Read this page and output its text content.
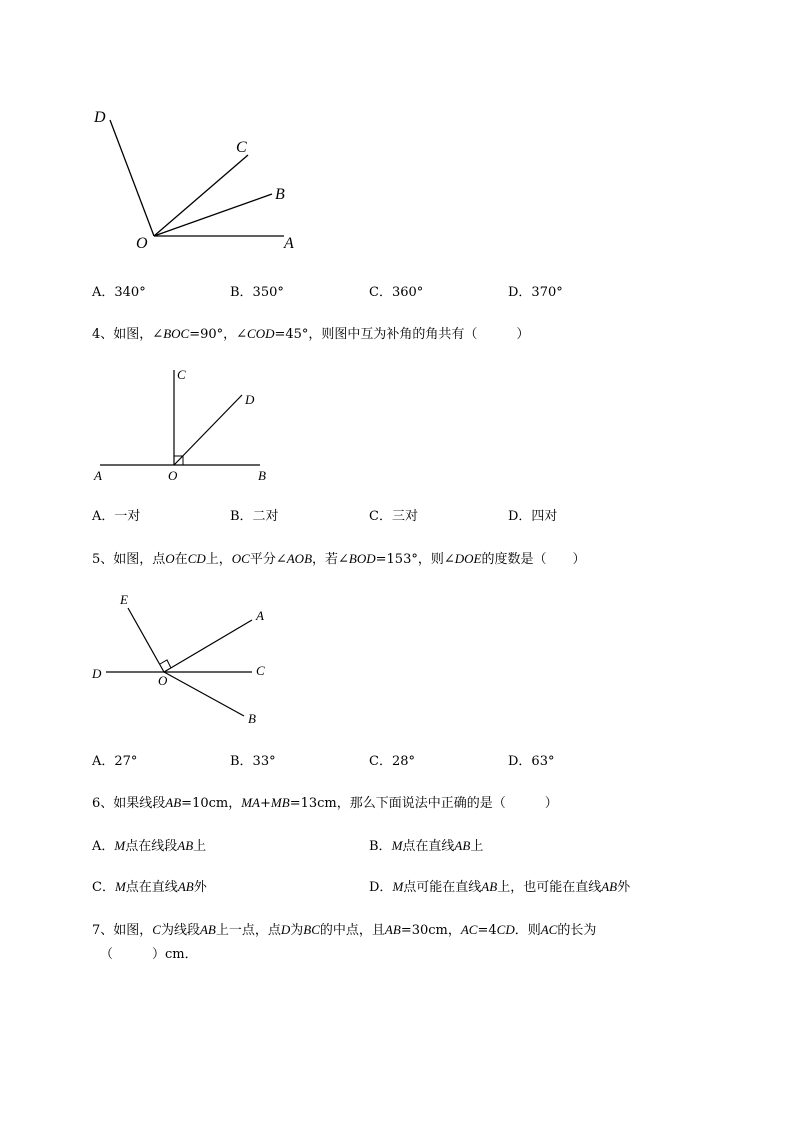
D
C
B
O	A
A．340°	B．350°	C．360°	D．370°
4、如图，∠BOC=90°，∠COD=45°，则图中互为补角的角共有（　　　）
C
D
A	O	B
A．一对	B．二对	C．三对	D．四对
5、如图，点O在CD上，OC平分∠AOB，若∠BOD=153°，则∠DOE的度数是（　　）
E
A
D	C
O
B
A．27°	B．33°	C．28°	D．63°
6、如果线段AB=10cm，MA+MB=13cm，那么下面说法中正确的是（　　　）
A．M点在线段AB上	B．M点在直线AB上
C．M点在直线AB外	D．M点可能在直线AB上，也可能在直线AB外
7、如图，C为线段AB上一点，点D为BC的中点，且AB=30cm，AC=4CD．则AC的长为
（　　　）cm．
